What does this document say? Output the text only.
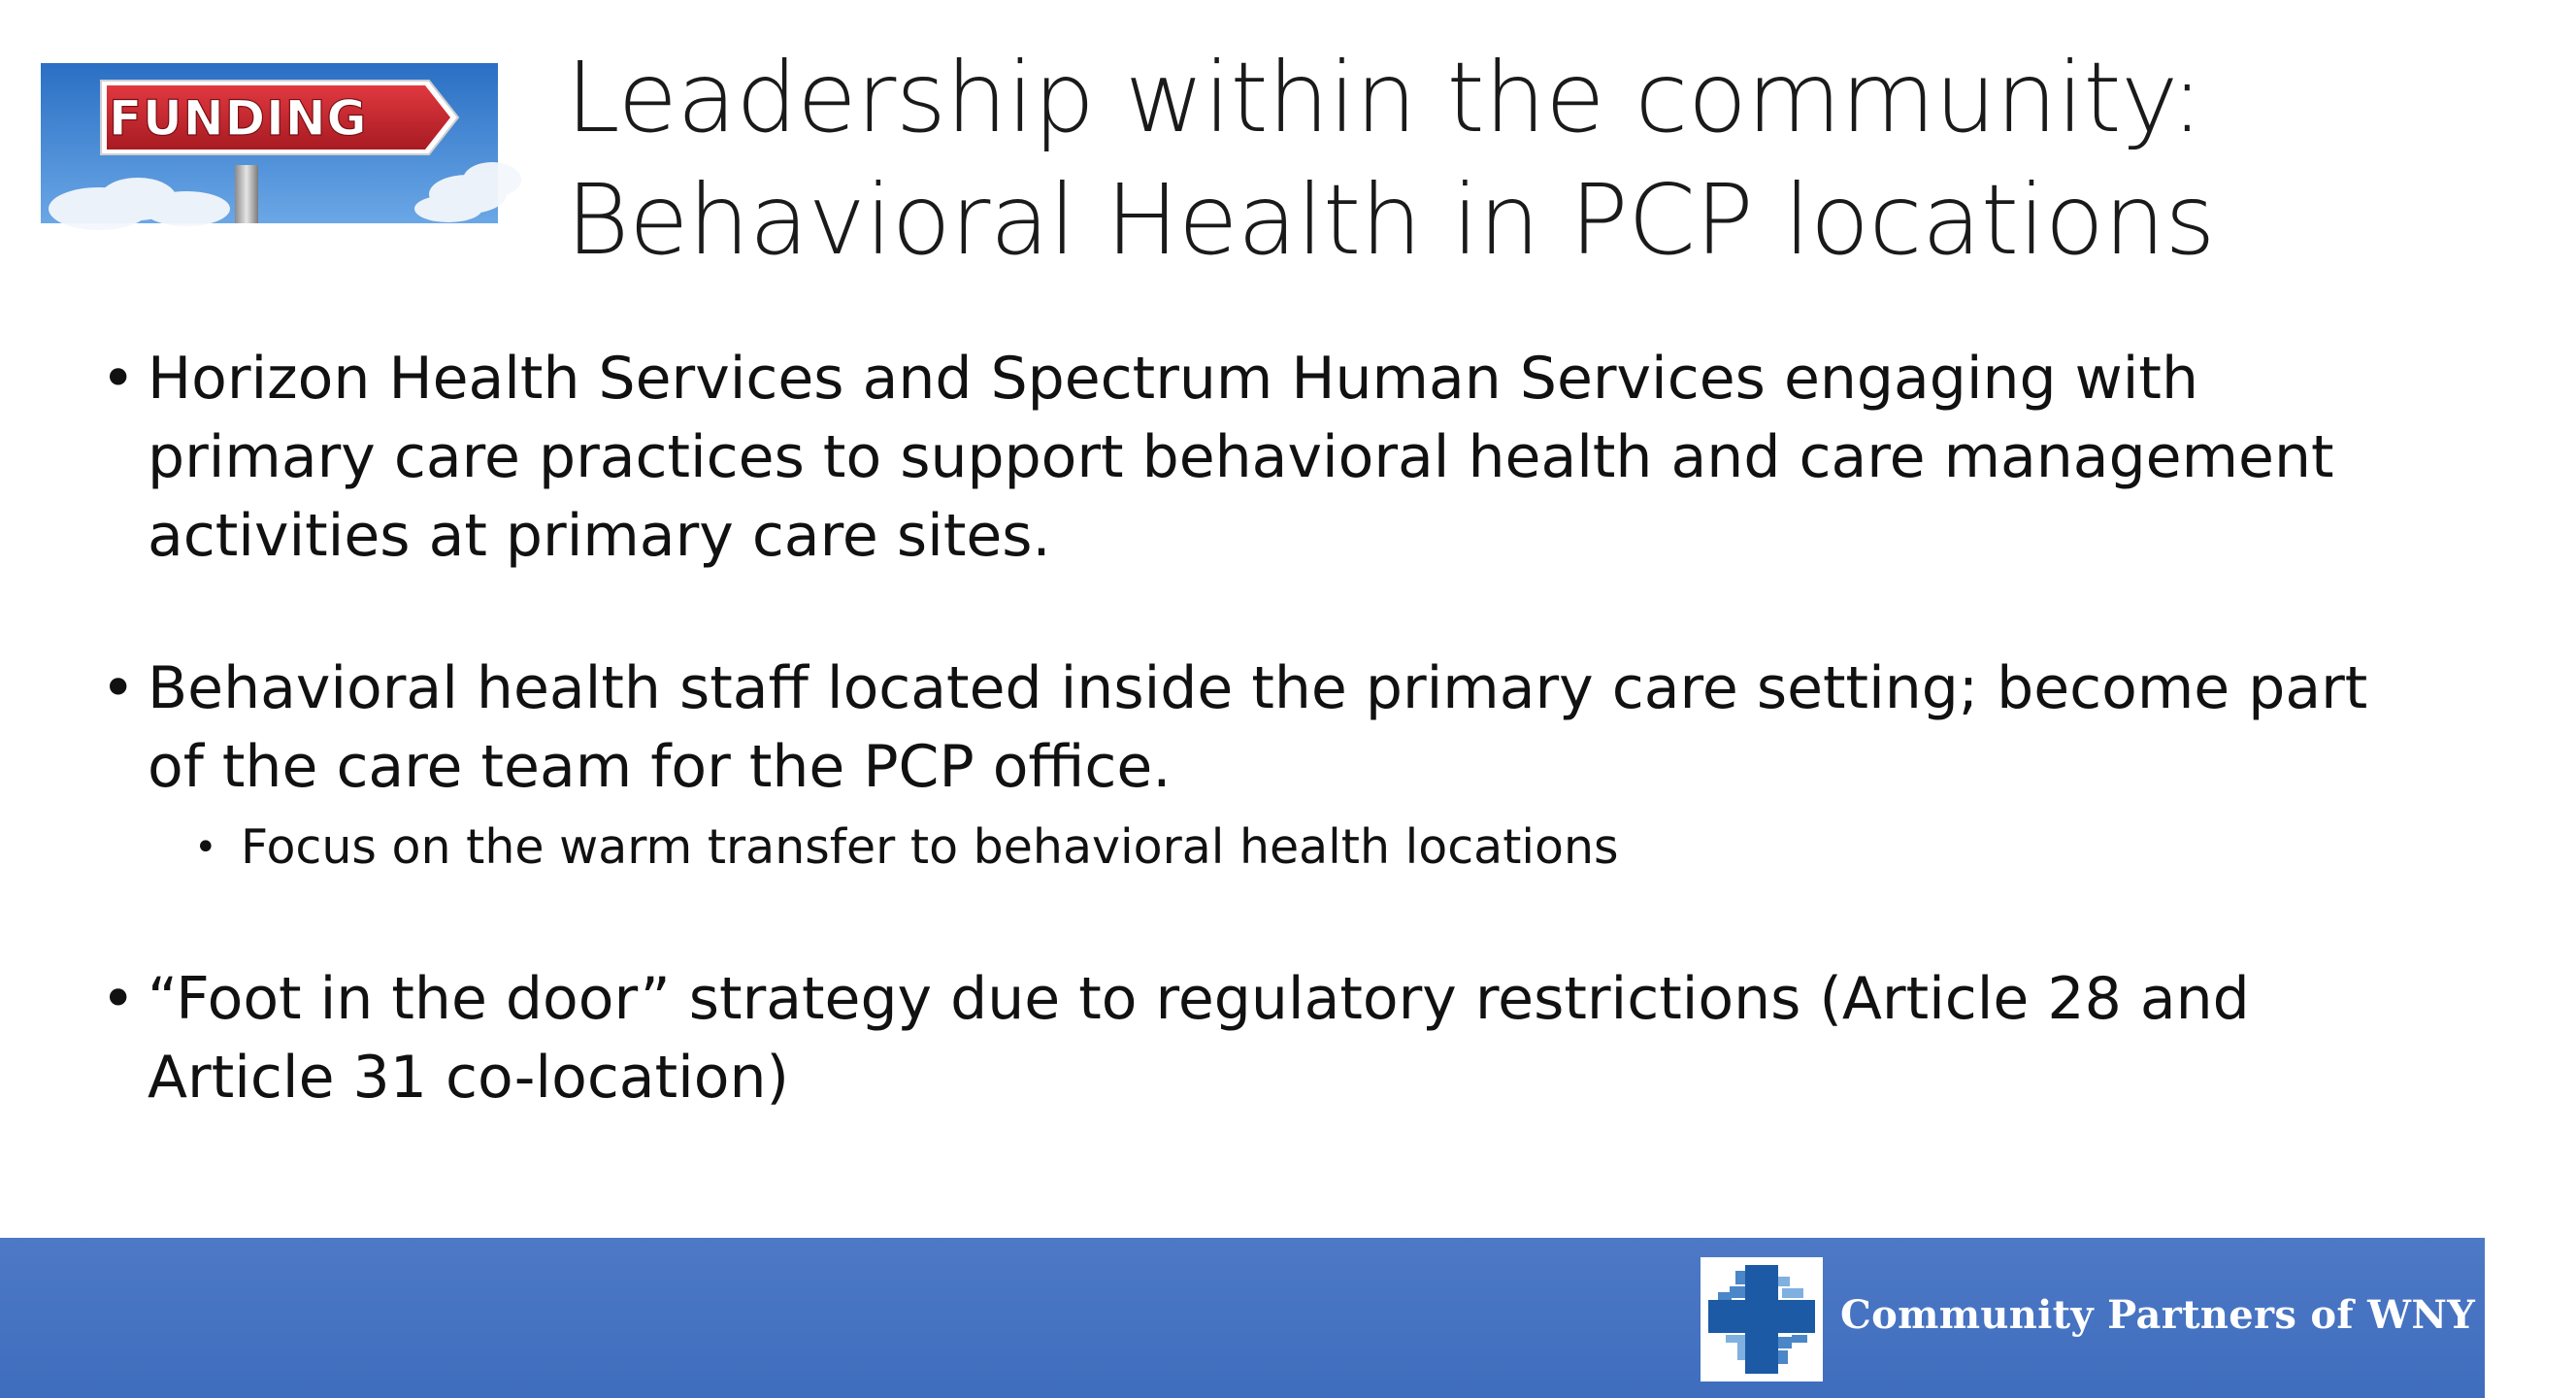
FUNDING Leadership within the community:
Behavioral Health in PCP locations
• Horizon Health Services and Spectrum Human Services engaging with
primary care practices to support behavioral health and care management
activities at primary care sites.
• Behavioral health staff located inside the primary care setting; become part
of the care team for the PCP office.
• Focus on the warm transfer to behavioral health locations
• “Foot in the door” strategy due to regulatory restrictions (Article 28 and
Article 31 co-location)
Community Partners of WNY PPS
